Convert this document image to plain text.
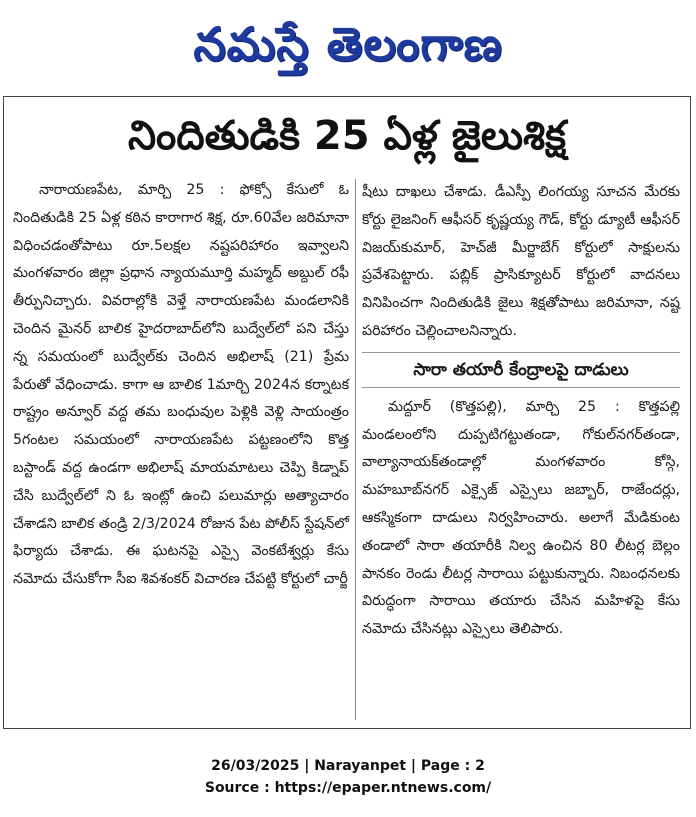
నమస్తే తెలంగాణ
నిందితుడికి 25 ఏళ్ల జైలుశిక్ష

నారాయణపేట, మార్చి 25 : ఫోక్సో కేసులో ఓ నిందితుడికి 25 ఏళ్ల కఠిన కారాగార శిక్ష, రూ.60వేల జరిమానా విధించడంతోపాటు రూ.5లక్షల నష్టపరిహారం ఇవ్వాలని మంగళవారం జిల్లా ప్రధాన న్యాయమూర్తి మహ్మద్ అబ్దుల్ రఫీ తీర్పునిచ్చారు. వివరాల్లోకి వెళ్తే నారాయణపేట మండలానికి చెందిన మైనర్ బాలిక హైదరాబాద్‌లోని బుద్వేల్‌లో పని చేస్తు న్న సమయంలో బుద్వేల్‌కు చెందిన అభిలాష్ (21) ప్రేమ పేరుతో వేధించాడు. కాగా ఆ బాలిక 1మార్చి 2024న కర్నాటక రాష్ట్రం అన్వూర్ వద్ద తమ బంధువుల పెళ్లికి వెళ్లి సాయంత్రం 5గంటల సమయంలో నారాయణపేట పట్టణంలోని కొత్త బస్టాండ్ వద్ద ఉండగా అభిలాష్ మాయమాటలు చెప్పి కిడ్నాప్ చేసి బుద్వేల్‌లో ని ఓ ఇంట్లో ఉంచి పలుమార్లు అత్యాచారం చేశాడని బాలిక తండ్రి 2/3/2024 రోజున పేట పోలీస్ స్టేషన్‌లో ఫిర్యాదు చేశాడు. ఈ ఘటనపై ఎస్సై వెంకటేశ్వర్లు కేసు నమోదు చేసుకోగా సీఐ శివశంకర్ విచారణ చేపట్టి కోర్టులో చార్జీ

షీటు దాఖలు చేశాడు. డీఎస్పీ లింగయ్య సూచన మేరకు కోర్టు లైజనింగ్ ఆఫీసర్ కృష్ణయ్య గౌడ్, కోర్టు డ్యూటీ ఆఫీసర్ విజయ్‌కుమార్, హెచ్‌జీ మీర్జాబేగ్ కోర్టులో సాక్షులను ప్రవేశపెట్టారు. పబ్లిక్ ప్రాసిక్యూటర్ కోర్టులో వాదనలు వినిపించగా నిందితుడికి జైలు శిక్షతోపాటు జరిమానా, నష్ట పరిహారం చెల్లించాలనిన్నారు.

సారా తయారీ కేంద్రాలపై దాడులు

మద్దూర్ (కొత్తపల్లి), మార్చి 25 : కొత్తపల్లి మండలంలోని దుప్పటిగట్టుతండా, గోకుల్‌నగర్‌తండా, వాల్యానాయక్‌తండాల్లో మంగళవారం కోస్గి, మహబూబ్‌నగర్ ఎక్సైజ్ ఎస్సైలు జబ్బార్, రాజేందర్లు, ఆకస్మికంగా దాడులు నిర్వహించారు. అలాగే మేడికుంట తండాలో సారా తయారీకి నిల్వ ఉంచిన 80 లీటర్ల బెల్లం పానకం రెండు లీటర్ల సారాయి పట్టుకున్నారు. నిబంధనలకు విరుద్ధంగా సారాయి తయారు చేసిన మహిళపై కేసు నమోదు చేసినట్లు ఎస్సైలు తెలిపారు.

26/03/2025 | Narayanpet | Page : 2
Source : https://epaper.ntnews.com/
